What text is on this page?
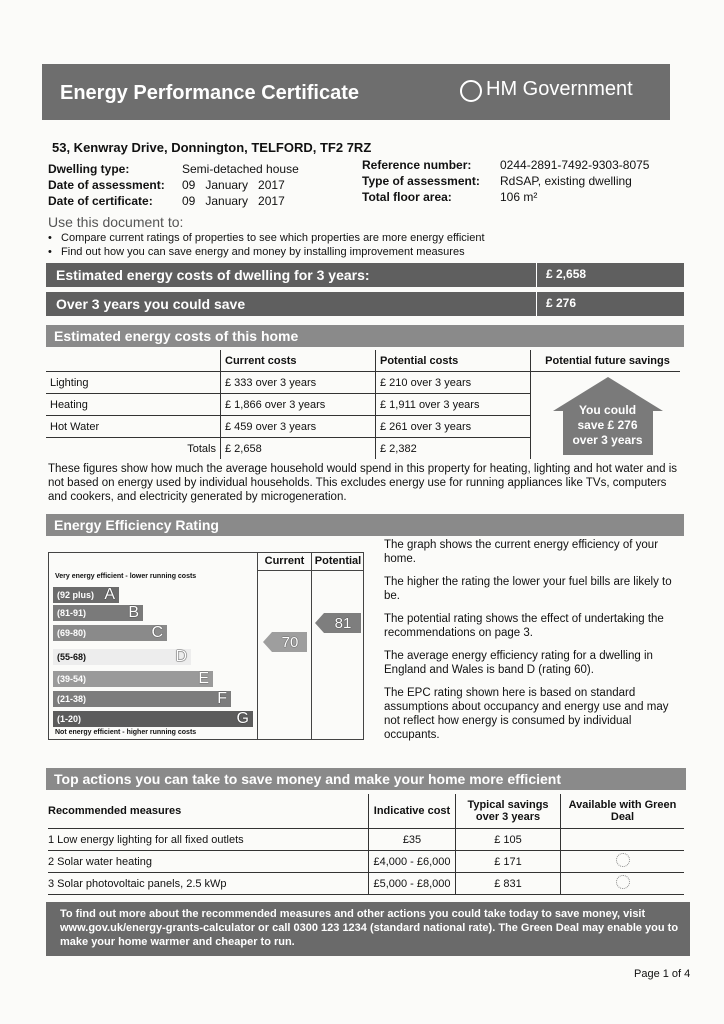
Energy Performance Certificate	HM Government
53, Kenwray Drive, Donnington, TELFORD, TF2 7RZ
Dwelling type:	Semi-detached house
Date of assessment:	09   January   2017
Date of certificate:	09   January   2017
Reference number:	0244-2891-7492-9303-8075
Type of assessment:	RdSAP, existing dwelling
Total floor area:	106 m²
Use this document to:
• Compare current ratings of properties to see which properties are more energy efficient
• Find out how you can save energy and money by installing improvement measures
Estimated energy costs of dwelling for 3 years:	£ 2,658
Over 3 years you could save	£ 276
Estimated energy costs of this home
	Current costs	Potential costs	Potential future savings
Lighting	£ 333 over 3 years	£ 210 over 3 years	You could
save £ 276
over 3 years

Heating	£ 1,866 over 3 years	£ 1,911 over 3 years	
Hot Water	£ 459 over 3 years	£ 261 over 3 years	
Totals	£ 2,658	£ 2,382	
These figures show how much the average household would spend in this property for heating, lighting and hot water and is not based on energy used by individual households. This excludes energy use for running appliances like TVs, computers and cookers, and electricity generated by microgeneration.
Energy Efficiency Rating
Current Potential
Very energy efficient - lower running costs
(92 plus) A
(81-91)	B
(69-80)	C
(55-68)	D
(39-54)	E
(21-38)	F
(1-20)	G
Not energy efficient - higher running costs
70
81

The graph shows the current energy efficiency of your home.

The higher the rating the lower your fuel bills are likely to be.

The potential rating shows the effect of undertaking the recommendations on page 3.

The average energy efficiency rating for a dwelling in England and Wales is band D (rating 60).

The EPC rating shown here is based on standard assumptions about occupancy and energy use and may not reflect how energy is consumed by individual occupants.

Top actions you can take to save money and make your home more efficient
Recommended measures	Indicative cost	Typical savings over 3 years	Available with Green Deal
1 Low energy lighting for all fixed outlets	£35	£ 105	
2 Solar water heating	£4,000 - £6,000	£ 171	
3 Solar photovoltaic panels, 2.5 kWp	£5,000 - £8,000	£ 831	
To find out more about the recommended measures and other actions you could take today to save money, visit www.gov.uk/energy-grants-calculator or call 0300 123 1234 (standard national rate). The Green Deal may enable you to make your home warmer and cheaper to run.
Page 1 of 4
